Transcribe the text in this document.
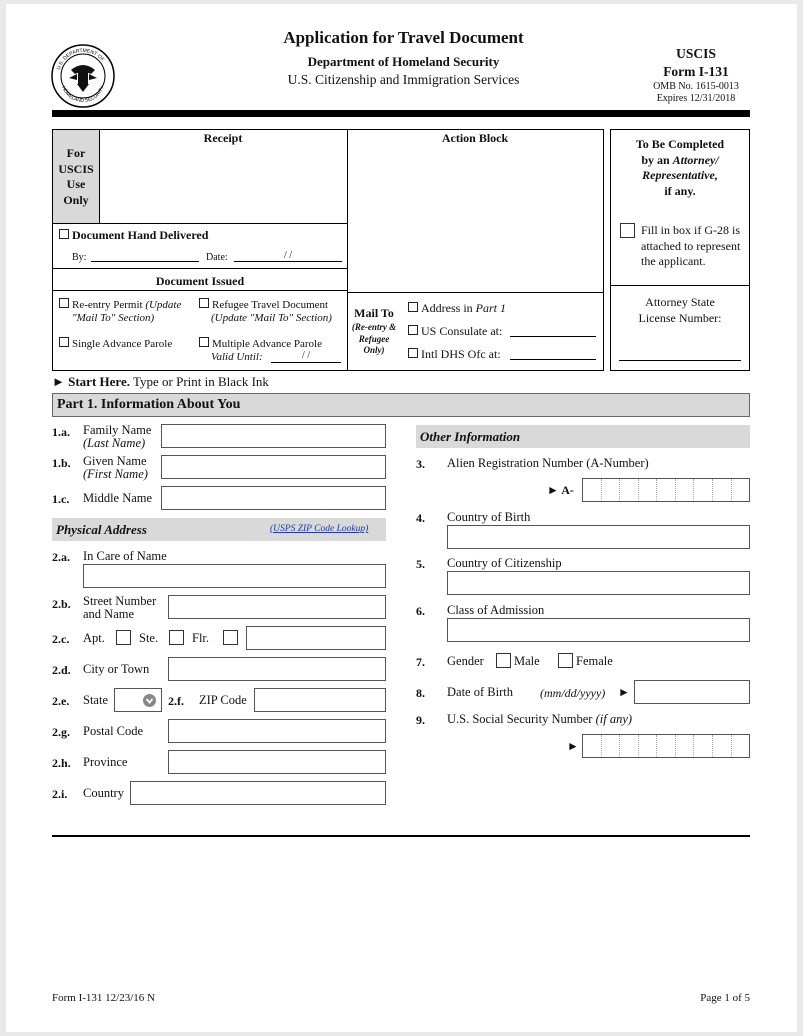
U.S. DEPARTMENT OF
HOMELAND SECURITY
Application for Travel Document
Department of Homeland Security
U.S. Citizenship and Immigration Services
USCIS
Form I-131
OMB No. 1615-0013
Expires 12/31/2018
For
USCIS
Use
Only
Receipt	Action Block
Document Hand Delivered
By:	Date:	/ /
Document Issued
Re-entry Permit (Update
"Mail To" Section)
Refugee Travel Document
(Update "Mail To" Section)
Single Advance Parole	Multiple Advance Parole
Valid Until:	/ /
Mail To
(Re-entry &
Refugee
Only)
Address in Part 1
US Consulate at:
Intl DHS Ofc at:
To Be Completed
by an Attorney/
Representative,
if any.
Fill in box if G-28 is
attached to represent
the applicant.
Attorney State
License Number:
► Start Here. Type or Print in Black Ink
Part 1. Information About You
1.a. Family Name
(Last Name)
1.b. Given Name
(First Name)
1.c. Middle Name
Physical Address	(USPS ZIP Code Lookup)
2.a. In Care of Name
2.b. Street Number
and Name
2.c. Apt.	Ste.	Flr.
2.d. City or Town
2.e. State	2.f. ZIP Code
2.g. Postal Code
2.h. Province
2.i. Country
Other Information
3. Alien Registration Number (A-Number)
► A-
4. Country of Birth
5. Country of Citizenship
6. Class of Admission
7. Gender Male	Female
8. Date of Birth (mm/dd/yyyy) ►
9. U.S. Social Security Number (if any)
►
Form I-131 12/23/16 N	Page 1 of 5
